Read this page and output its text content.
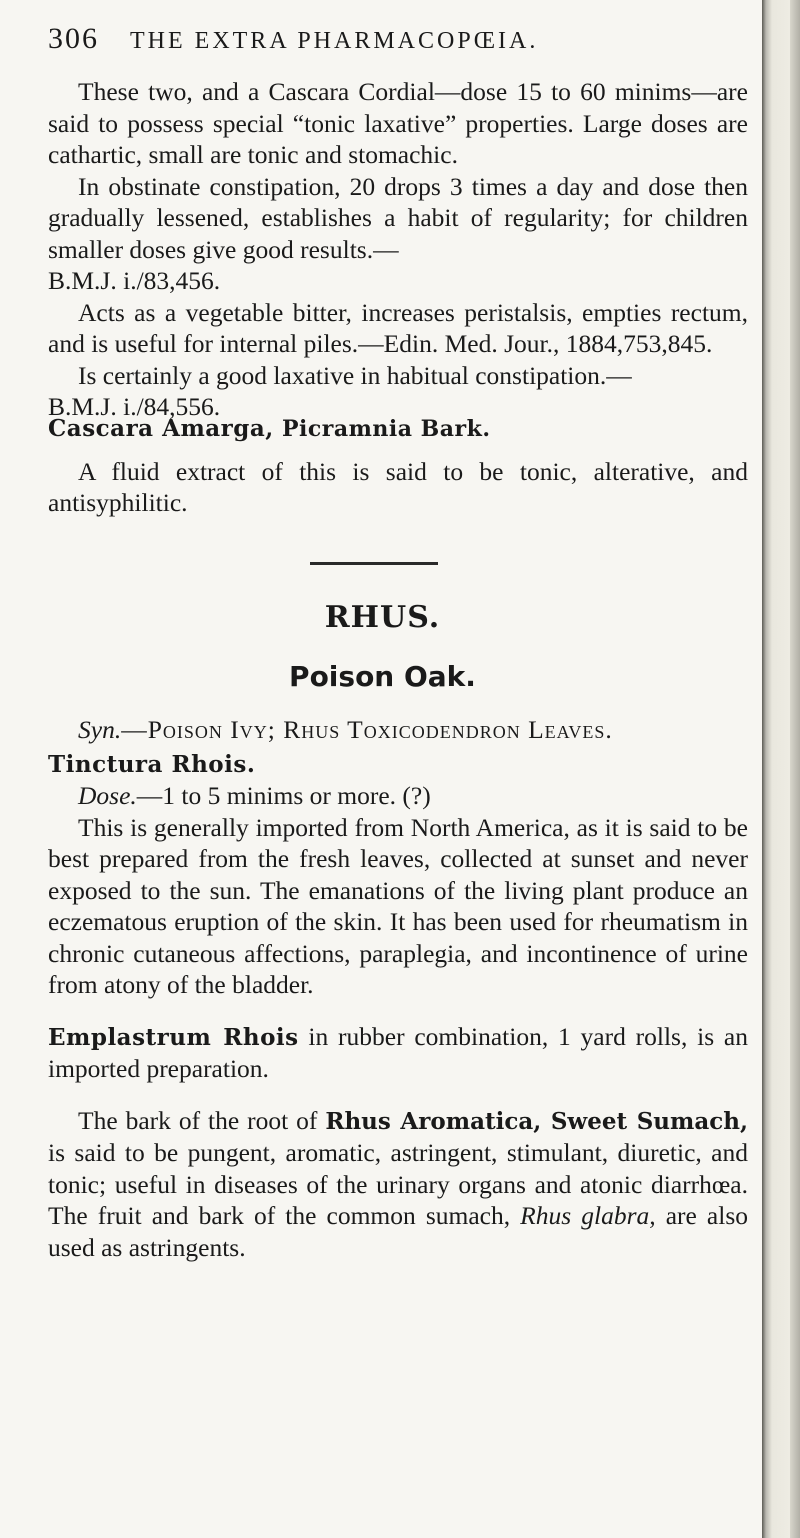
306 THE EXTRA PHARMACOPŒIA.

These two, and a Cascara Cordial—dose 15 to 60 minims—are said to possess special “tonic laxative” properties. Large doses are cathartic, small are tonic and stomachic.

In obstinate constipation, 20 drops 3 times a day and dose then gradually lessened, establishes a habit of regularity; for children smaller doses give good results.—
B.M.J. i./83,456.

Acts as a vegetable bitter, increases peristalsis, empties rectum, and is useful for internal piles.—Edin. Med. Jour., 1884,753,845.

Is certainly a good laxative in habitual constipation.—
B.M.J. i./84,556.

Cascara Amarga, Picramnia Bark.

A fluid extract of this is said to be tonic, alterative, and antisyphilitic.

RHUS.
Poison Oak.

Syn.—Poison Ivy; Rhus Toxicodendron Leaves.

Tinctura Rhois.

Dose.—1 to 5 minims or more. (?)

This is generally imported from North America, as it is said to be best prepared from the fresh leaves, collected at sunset and never exposed to the sun. The emanations of the living plant produce an eczematous eruption of the skin. It has been used for rheumatism in chronic cutaneous affections, paraplegia, and incontinence of urine from atony of the bladder.

Emplastrum Rhois in rubber combination, 1 yard rolls, is an imported preparation.

The bark of the root of Rhus Aromatica, Sweet Sumach, is said to be pungent, aromatic, astringent, stimulant, diuretic, and tonic; useful in diseases of the urinary organs and atonic diarrhœa. The fruit and bark of the common sumach, Rhus glabra, are also used as astringents.
